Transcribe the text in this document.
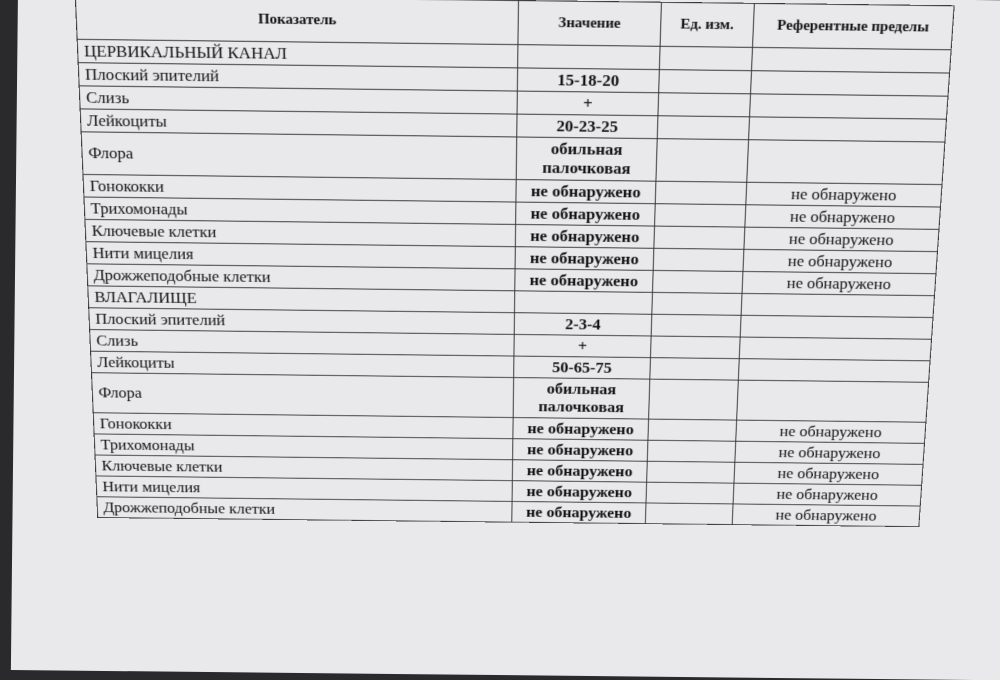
Показатель	Значение	Ед. изм.	Референтные пределы
ЦЕРВИКАЛЬНЫЙ КАНАЛ			
Плоский эпителий	15-18-20		
Слизь	+		
Лейкоциты	20-23-25		
Флора	обильная палочковая		
Гонококки	не обнаружено		не обнаружено
Трихомонады	не обнаружено		не обнаружено
Ключевые клетки	не обнаружено		не обнаружено
Нити мицелия	не обнаружено		не обнаружено
Дрожжеподобные клетки	не обнаружено		не обнаружено
ВЛАГАЛИЩЕ			
Плоский эпителий	2-3-4		
Слизь	+		
Лейкоциты	50-65-75		
Флора	обильная палочковая		
Гонококки	не обнаружено		не обнаружено
Трихомонады	не обнаружено		не обнаружено
Ключевые клетки	не обнаружено		не обнаружено
Нити мицелия	не обнаружено		не обнаружено
Дрожжеподобные клетки	не обнаружено		не обнаружено
